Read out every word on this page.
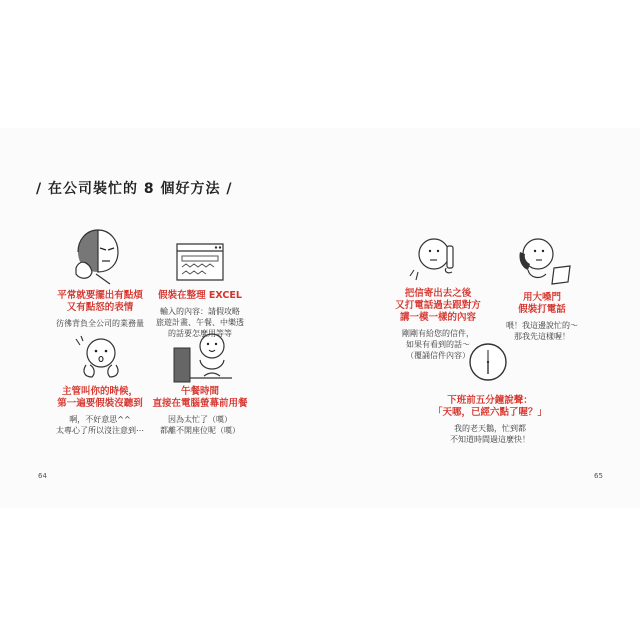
/ 在公司裝忙的 8 個好方法 /
平常就要擺出有點煩
又有點怒的表情
彷彿背負全公司的業務量
假裝在整理 EXCEL
輸入的內容：請假攻略
旅遊計畫、午餐、中樂透
的話要怎麼用等等
主管叫你的時候，
第一遍要假裝沒聽到
啊，不好意思^^
太專心了所以沒注意到⋯
午餐時間
直接在電腦螢幕前用餐
因為太忙了（嘆）
都離不開座位呢（嘆）
把信寄出去之後
又打電話過去跟對方
講一模一樣的內容
剛剛有給您的信件，
如果有看到的話～
（覆誦信件內容）
用大嗓門
假裝打電話
喂！我這邊說忙的～
那我先這樣喔！
下班前五分鐘說聲：
「天哪，已經六點了喔？」
我的老天鵝，忙到都
不知道時間過這麼快！
64	65
